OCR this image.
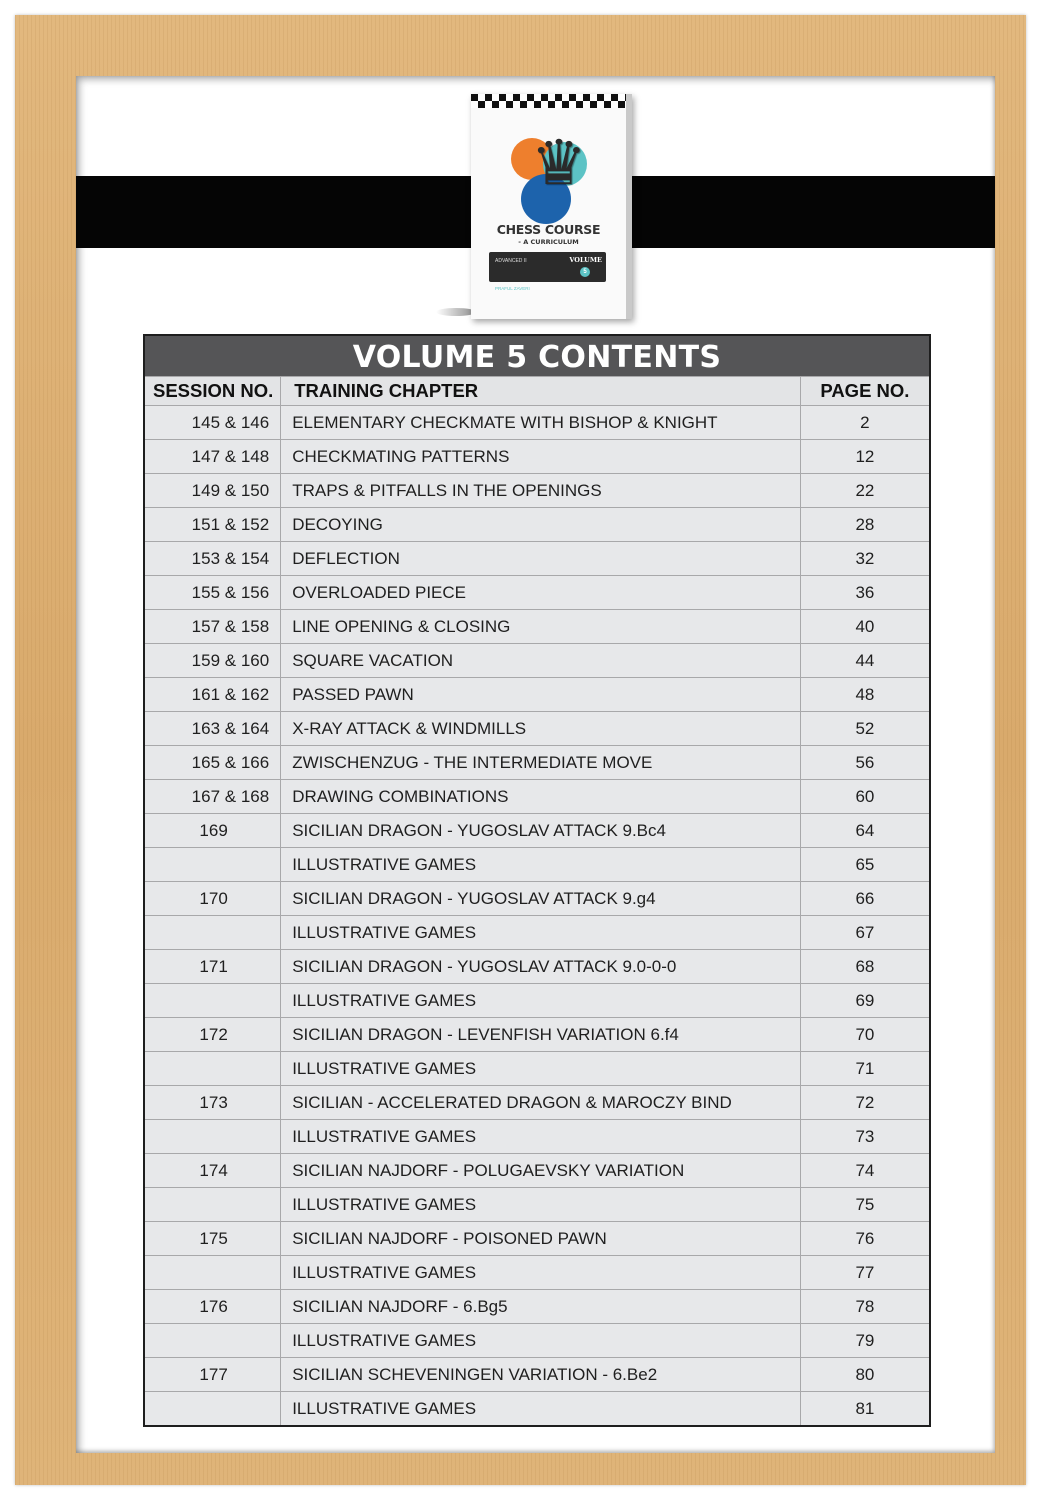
♛
CHESS COURSE
- A CURRICULUM
ADVANCED II	VOLUME
5
PRAFUL ZAVERI
VOLUME 5 CONTENTS
SESSION NO.	TRAINING CHAPTER	PAGE NO.
145 & 146	ELEMENTARY CHECKMATE WITH BISHOP & KNIGHT	2
147 & 148	CHECKMATING PATTERNS	12
149 & 150	TRAPS & PITFALLS IN THE OPENINGS	22
151 & 152	DECOYING	28
153 & 154	DEFLECTION	32
155 & 156	OVERLOADED PIECE	36
157 & 158	LINE OPENING & CLOSING	40
159 & 160	SQUARE VACATION	44
161 & 162	PASSED PAWN	48
163 & 164	X-RAY ATTACK & WINDMILLS	52
165 & 166	ZWISCHENZUG - THE INTERMEDIATE MOVE	56
167 & 168	DRAWING COMBINATIONS	60
169	SICILIAN DRAGON - YUGOSLAV ATTACK 9.Bc4	64
	ILLUSTRATIVE GAMES	65
170	SICILIAN DRAGON - YUGOSLAV ATTACK 9.g4	66
	ILLUSTRATIVE GAMES	67
171	SICILIAN DRAGON - YUGOSLAV ATTACK 9.0-0-0	68
	ILLUSTRATIVE GAMES	69
172	SICILIAN DRAGON - LEVENFISH VARIATION 6.f4	70
	ILLUSTRATIVE GAMES	71
173	SICILIAN - ACCELERATED DRAGON & MAROCZY BIND	72
	ILLUSTRATIVE GAMES	73
174	SICILIAN NAJDORF - POLUGAEVSKY VARIATION	74
	ILLUSTRATIVE GAMES	75
175	SICILIAN NAJDORF - POISONED PAWN	76
	ILLUSTRATIVE GAMES	77
176	SICILIAN NAJDORF - 6.Bg5	78
	ILLUSTRATIVE GAMES	79
177	SICILIAN SCHEVENINGEN VARIATION - 6.Be2	80
	ILLUSTRATIVE GAMES	81
